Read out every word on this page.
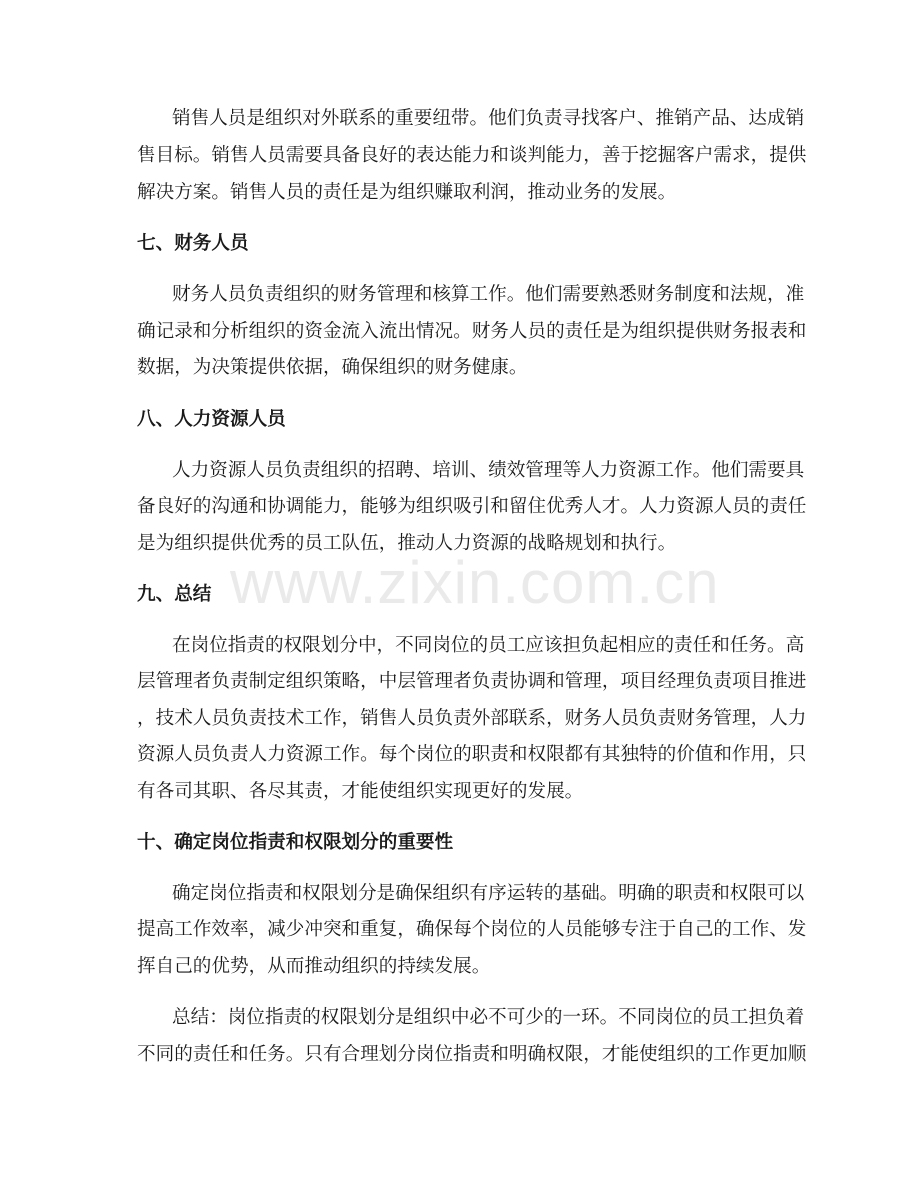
销售人员是组织对外联系的重要纽带。他们负责寻找客户、推销产品、达成销
售目标。销售人员需要具备良好的表达能力和谈判能力，善于挖掘客户需求，提供
解决方案。销售人员的责任是为组织赚取利润，推动业务的发展。
七、财务人员
财务人员负责组织的财务管理和核算工作。他们需要熟悉财务制度和法规，准
确记录和分析组织的资金流入流出情况。财务人员的责任是为组织提供财务报表和
数据，为决策提供依据，确保组织的财务健康。
八、人力资源人员
人力资源人员负责组织的招聘、培训、绩效管理等人力资源工作。他们需要具
备良好的沟通和协调能力，能够为组织吸引和留住优秀人才。人力资源人员的责任
是为组织提供优秀的员工队伍，推动人力资源的战略规划和执行。
九、总结
在岗位指责的权限划分中，不同岗位的员工应该担负起相应的责任和任务。高
层管理者负责制定组织策略，中层管理者负责协调和管理，项目经理负责项目推进
，技术人员负责技术工作，销售人员负责外部联系，财务人员负责财务管理，人力
资源人员负责人力资源工作。每个岗位的职责和权限都有其独特的价值和作用，只
有各司其职、各尽其责，才能使组织实现更好的发展。
十、确定岗位指责和权限划分的重要性
确定岗位指责和权限划分是确保组织有序运转的基础。明确的职责和权限可以
提高工作效率，减少冲突和重复，确保每个岗位的人员能够专注于自己的工作、发
挥自己的优势，从而推动组织的持续发展。
总结：岗位指责的权限划分是组织中必不可少的一环。不同岗位的员工担负着
不同的责任和任务。只有合理划分岗位指责和明确权限，才能使组织的工作更加顺
www.zixin.com.cn
